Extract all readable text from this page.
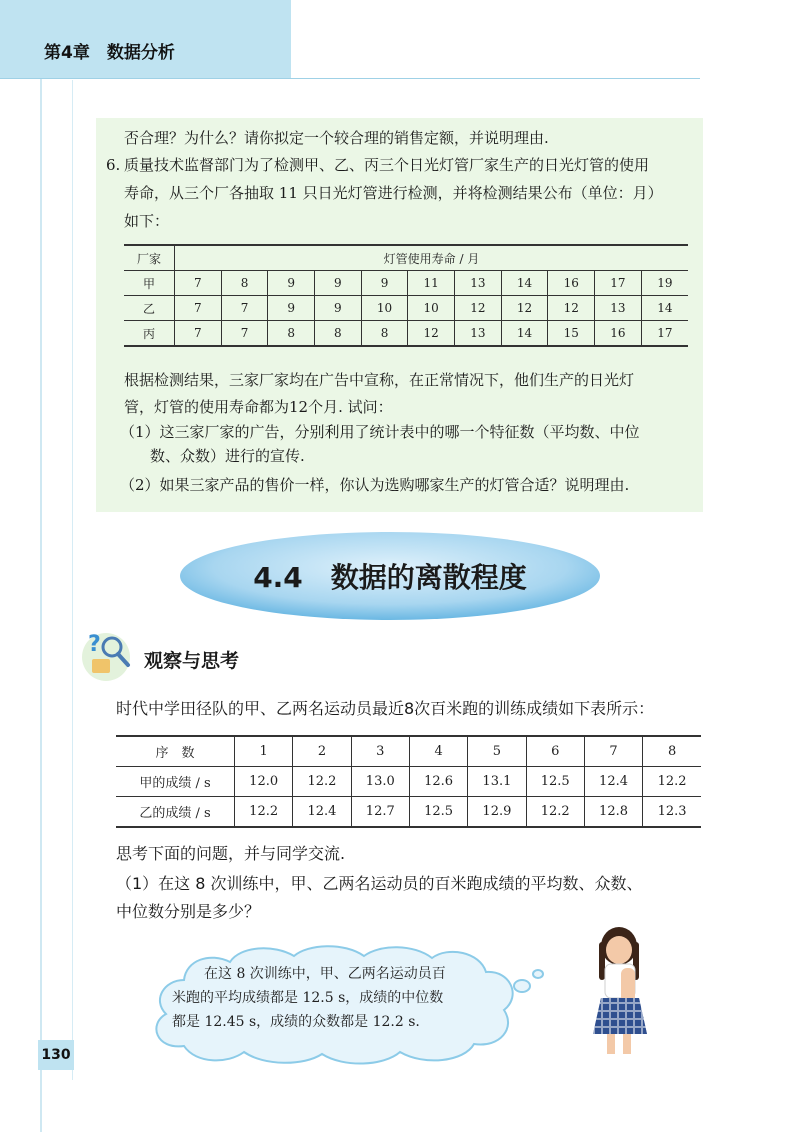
第4章　数据分析
否合理？为什么？请你拟定一个较合理的销售定额，并说明理由.
6. 质量技术监督部门为了检测甲、乙、丙三个日光灯管厂家生产的日光灯管的使用
寿命，从三个厂各抽取 11 只日光灯管进行检测，并将检测结果公布（单位：月）
如下：
厂家	灯管使用寿命 / 月										
甲	7	8	9	9	9	11	13	14	16	17	19
乙	7	7	9	9	10	10	12	12	12	13	14
丙	7	7	8	8	8	12	13	14	15	16	17
根据检测结果，三家厂家均在广告中宣称，在正常情况下，他们生产的日光灯
管，灯管的使用寿命都为12个月. 试问：
（1）这三家厂家的广告，分别利用了统计表中的哪一个特征数（平均数、中位
数、众数）进行的宣传.
（2）如果三家产品的售价一样，你认为选购哪家生产的灯管合适？说明理由.
4.4　数据的离散程度
?
观察与思考
时代中学田径队的甲、乙两名运动员最近8次百米跑的训练成绩如下表所示：
序　数	1	2	3	4	5	6	7	8
甲的成绩 / s	12.0	12.2	13.0	12.6	13.1	12.5	12.4	12.2
乙的成绩 / s	12.2	12.4	12.7	12.5	12.9	12.2	12.8	12.3
思考下面的问题，并与同学交流.
（1）在这 8 次训练中，甲、乙两名运动员的百米跑成绩的平均数、众数、
中位数分别是多少？
在这 8 次训练中，甲、乙两名运动员百
米跑的平均成绩都是 12.5 s，成绩的中位数
都是 12.45 s，成绩的众数都是 12.2 s.
130
